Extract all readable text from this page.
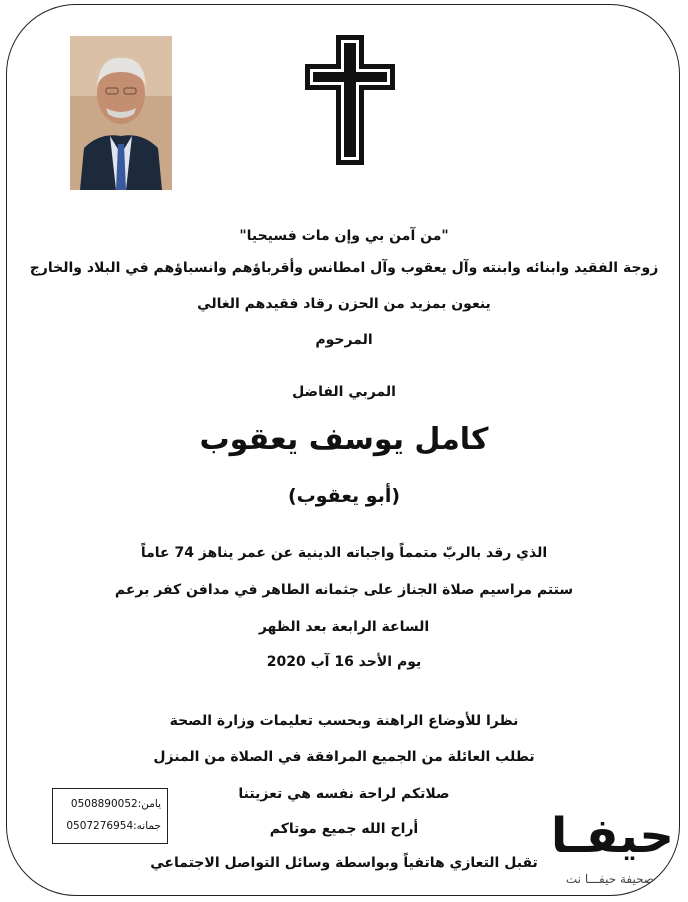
"من آمن بي وإن مات فسيحيا"
زوجة الفقيد وابنائه وابنته وآل يعقوب وآل امطانس وأقرباؤهم وانسباؤهم في البلاد والخارج
ينعون بمزيد من الحزن رقاد فقيدهم الغالي
المرحوم
المربي الفاضل
كامل يوسف يعقوب
(أبو يعقوب)
الذي رقد بالربّ متمماً واجباته الدينية عن عمر يناهز 74 عاماً
ستتم مراسيم صلاة الجناز على جثمانه الطاهر في مدافن كفر برعم
الساعة الرابعة بعد الظهر
يوم الأحد 16 آب 2020
نظرا للأوضاع الراهنة وبحسب تعليمات وزارة الصحة
تطلب العائلة من الجميع المرافقة في الصلاة من المنزل
صلاتكم لراحة نفسه هي تعزيتنا
أراح الله جميع موتاكم
تقبل التعازي هاتفياً وبواسطة وسائل التواصل الاجتماعي
يامن:0508890052
جمانه:0507276954	حيفـا
صحيفة حيفـــا نت
